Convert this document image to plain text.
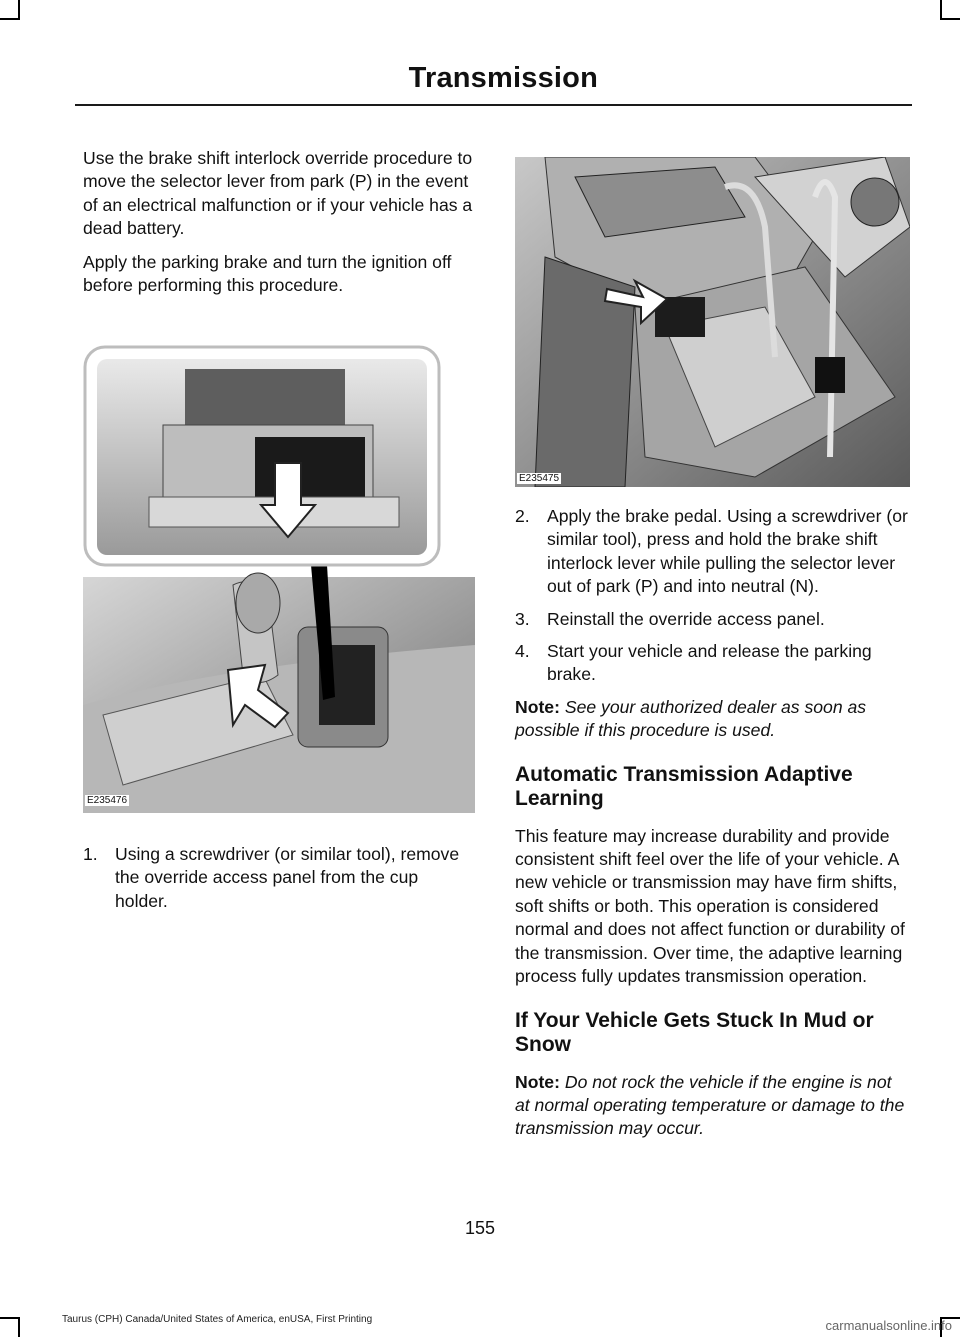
Transmission

Use the brake shift interlock override procedure to move the selector lever from park (P) in the event of an electrical malfunction or if your vehicle has a dead battery.

Apply the parking brake and turn the ignition off before performing this procedure.

E235476
1. Using a screwdriver (or similar tool), remove the override access panel from the cup holder.
E235475
2. Apply the brake pedal. Using a screwdriver (or similar tool), press and hold the brake shift interlock lever while pulling the selector lever out of park (P) and into neutral (N).
3. Reinstall the override access panel.
4. Start your vehicle and release the parking brake.

Note: See your authorized dealer as soon as possible if this procedure is used.

Automatic Transmission Adaptive Learning

This feature may increase durability and provide consistent shift feel over the life of your vehicle. A new vehicle or transmission may have firm shifts, soft shifts or both. This operation is considered normal and does not affect function or durability of the transmission. Over time, the adaptive learning process fully updates transmission operation.

If Your Vehicle Gets Stuck In Mud or Snow

Note: Do not rock the vehicle if the engine is not at normal operating temperature or damage to the transmission may occur.

155
Taurus (CPH) Canada/United States of America, enUSA, First Printing	carmanualsonline.info
